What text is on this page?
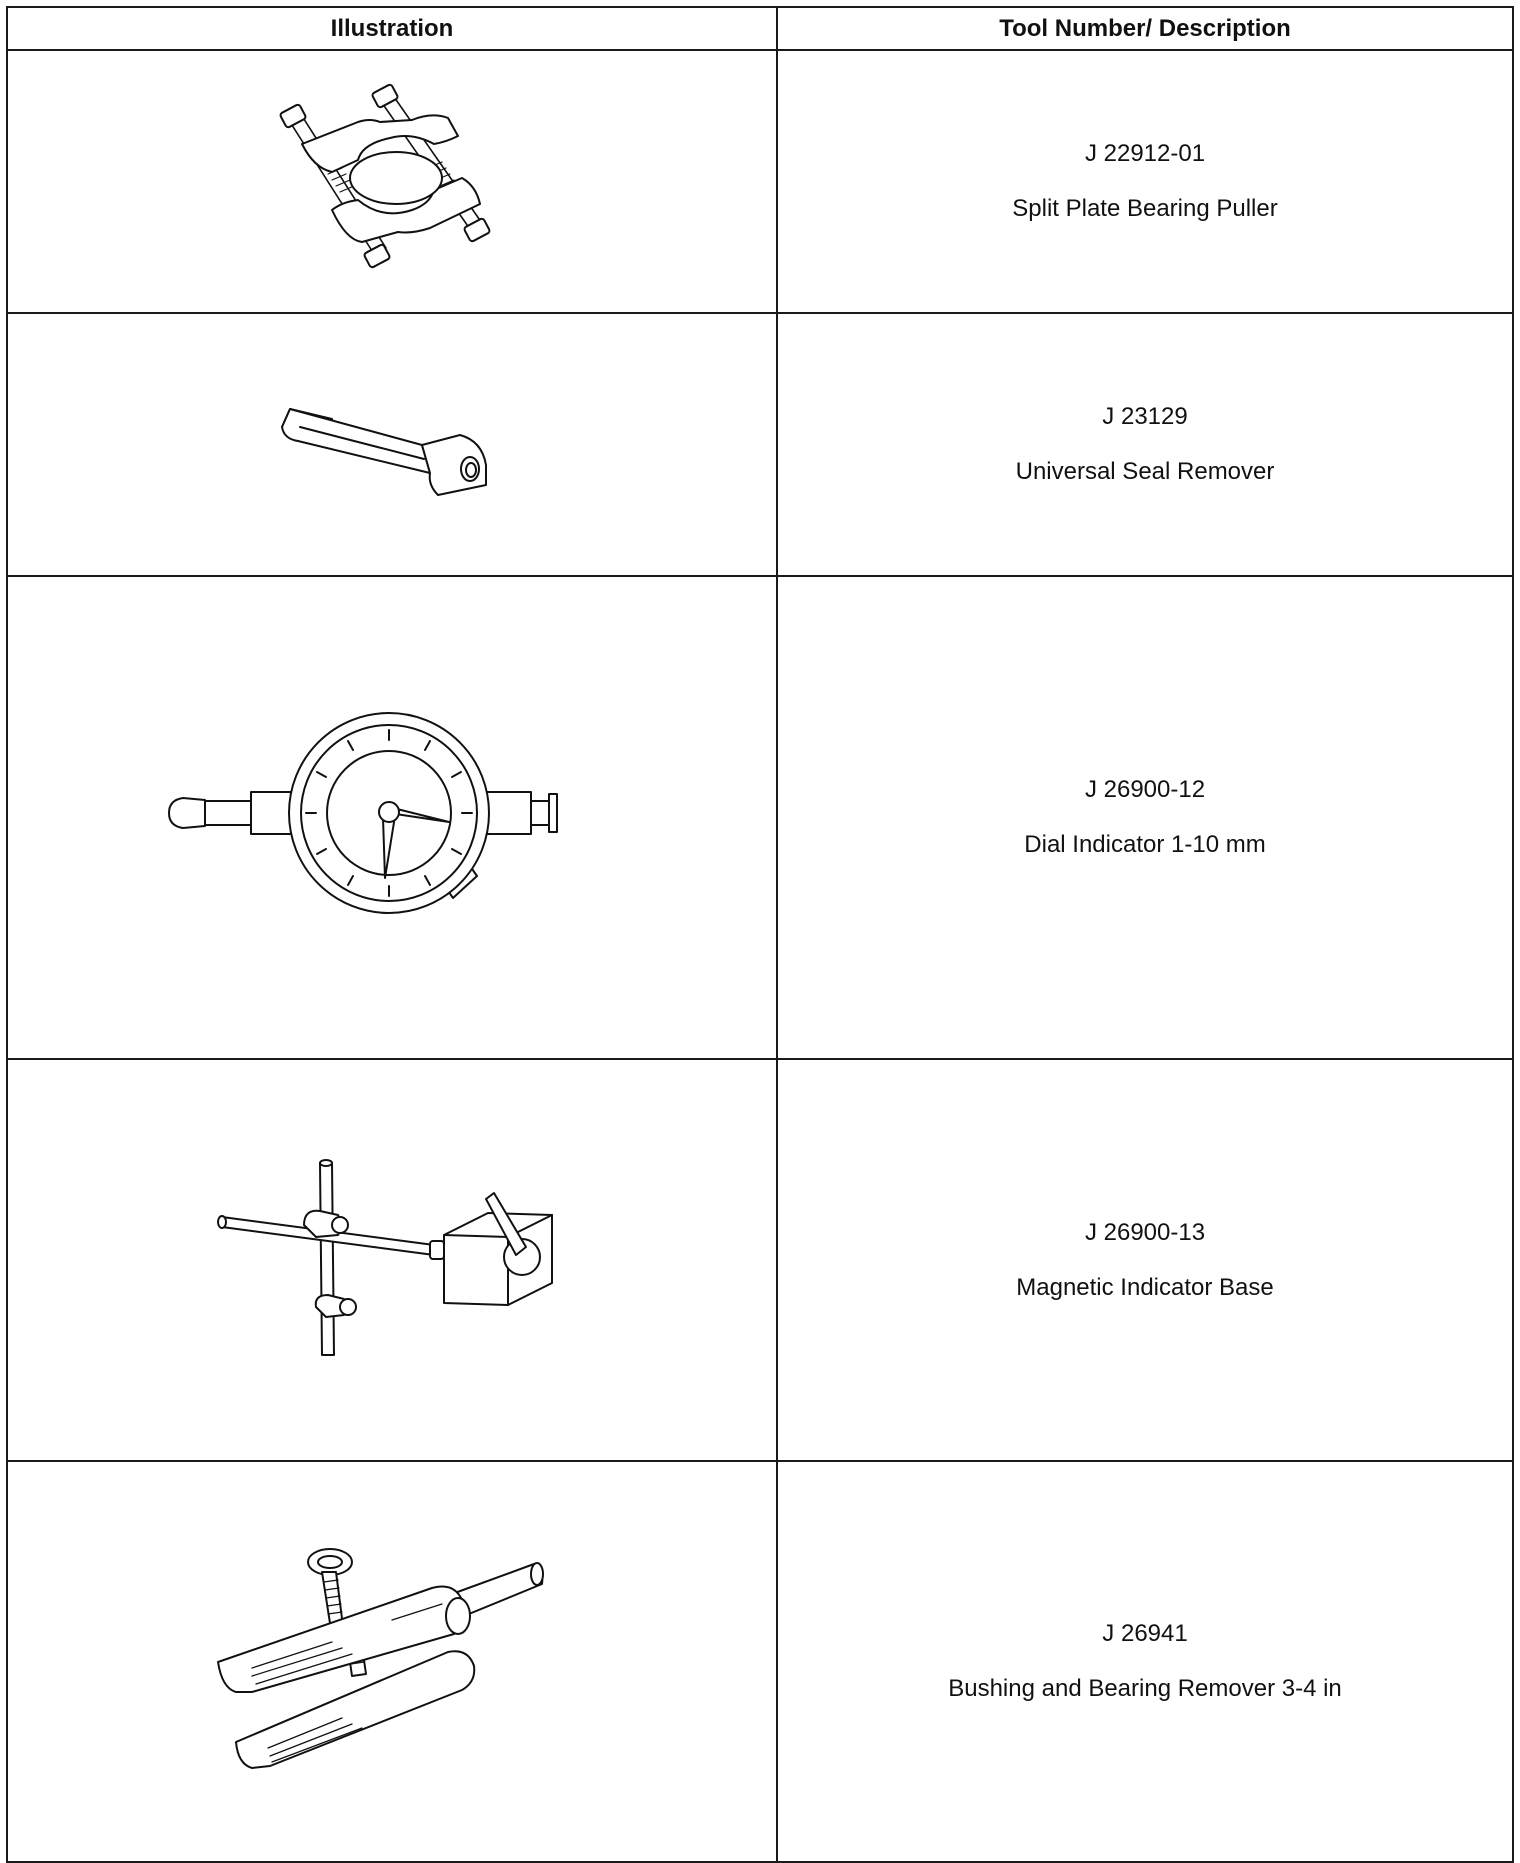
Illustration	Tool Number/ Description

J 22912-01
Split Plate Bearing Puller

J 23129
Universal Seal Remover

J 26900-12
Dial Indicator 1-10 mm

J 26900-13
Magnetic Indicator Base

J 26941
Bushing and Bearing Remover 3-4 in
